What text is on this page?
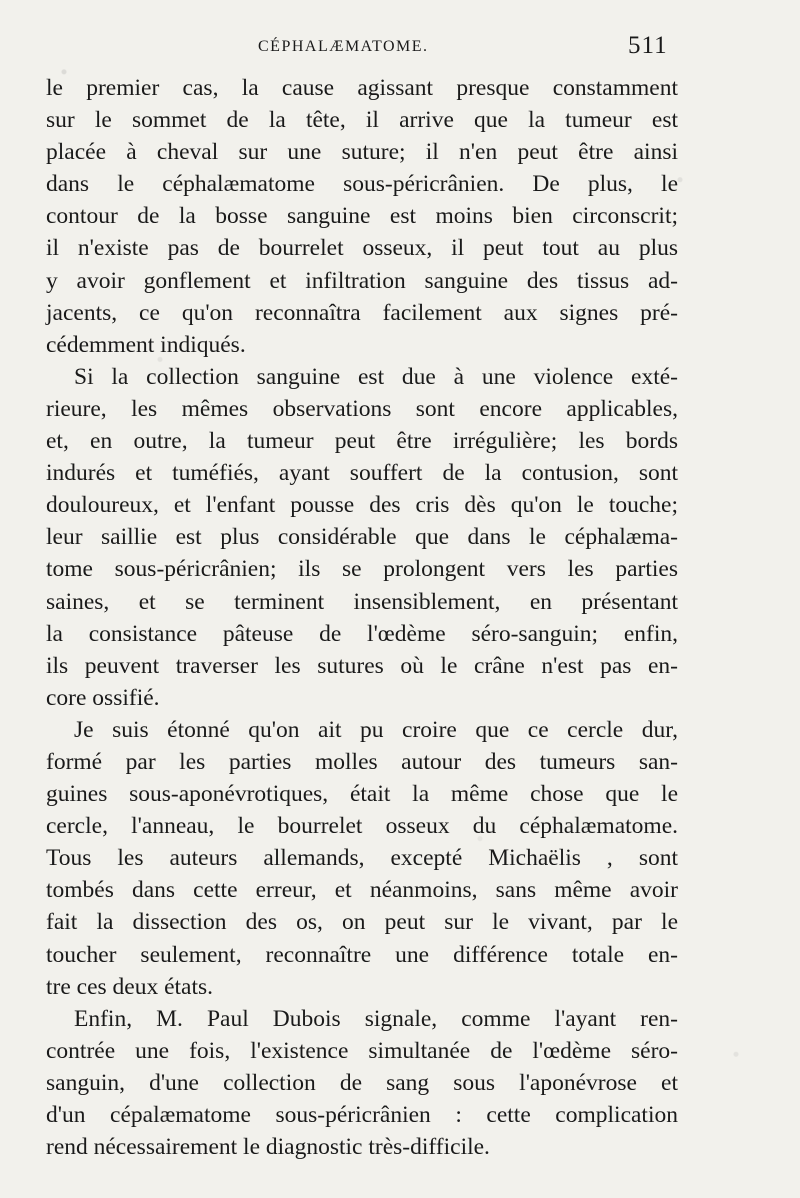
CÉPHALÆMATOME.	511
le premier cas, la cause agissant presque constamment
sur le sommet de la tête, il arrive que la tumeur est
placée à cheval sur une suture; il n'en peut être ainsi
dans le céphalæmatome sous-péricrânien. De plus, le
contour de la bosse sanguine est moins bien circonscrit;
il n'existe pas de bourrelet osseux, il peut tout au plus
y avoir gonflement et infiltration sanguine des tissus ad-
jacents, ce qu'on reconnaîtra facilement aux signes pré-
cédemment indiqués.
Si la collection sanguine est due à une violence exté-
rieure, les mêmes observations sont encore applicables,
et, en outre, la tumeur peut être irrégulière; les bords
indurés et tuméfiés, ayant souffert de la contusion, sont
douloureux, et l'enfant pousse des cris dès qu'on le touche;
leur saillie est plus considérable que dans le céphalæma-
tome sous-péricrânien; ils se prolongent vers les parties
saines, et se terminent insensiblement, en présentant
la consistance pâteuse de l'œdème séro-sanguin; enfin,
ils peuvent traverser les sutures où le crâne n'est pas en-
core ossifié.
Je suis étonné qu'on ait pu croire que ce cercle dur,
formé par les parties molles autour des tumeurs san-
guines sous-aponévrotiques, était la même chose que le
cercle, l'anneau, le bourrelet osseux du céphalæmatome.
Tous les auteurs allemands, excepté Michaëlis , sont
tombés dans cette erreur, et néanmoins, sans même avoir
fait la dissection des os, on peut sur le vivant, par le
toucher seulement, reconnaître une différence totale en-
tre ces deux états.
Enfin, M. Paul Dubois signale, comme l'ayant ren-
contrée une fois, l'existence simultanée de l'œdème séro-
sanguin, d'une collection de sang sous l'aponévrose et
d'un cépalæmatome sous-péricrânien : cette complication
rend nécessairement le diagnostic très-difficile.
